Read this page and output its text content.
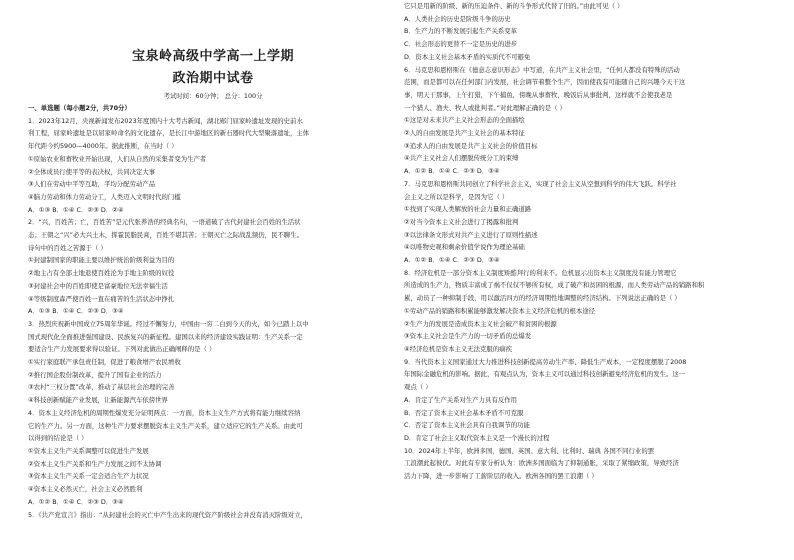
宝泉岭高级中学高一上学期
政治期中试卷
考试时间：60分钟； 总分：100分
一、单选题（每小题2分，共70分）
1．2023年12月，央视新闻发布2023年度国内十大考古新闻，湖北郧门屈家岭遗址发现的史前水
利工程，屈家岭遗址是以屈家岭命名的文化遗存，是长江中游地区的新石器时代大型聚落遗址，主体
年代距今约5900—4000年。据此推断，在当时（ ）
①原始农业和畜牧业开始出现，人们从自然的采集者变为生产者
②全体成员行使平等的表决权，共同决定大事
③人们在劳动中平等互助，平均分配劳动产品
④脑力劳动和体力劳动分工，人类迈入文明时代的门槛
A．①③ B．①④ C．②③ D．②④
2．“兴，百姓苦；亡，百姓苦”是元代张养浩的经典名句，一语道破了古代封建社会百姓的生活状
态；王朝之“兴”必大兴土木，挥霍民脂民膏，百姓不堪其苦；王朝灭亡之际战乱频仍，民不聊生。
诗句中的百姓之苦源于（ ）
①封建制国家的职能主要以维护统治阶级利益为目的
②地主占有全部土地退使百姓沦为手地主阶级的奴役
③封建社会中的百姓即使是富豪地位无法幸福生活
④等级制度森严使百姓一直在痛苦的生活状态中挣扎
A．①③ B．①④ C．②③ D．③④
3．热烈庆祝新中国成立75周年华诞。经过不懈努力，中国由一穷二白到今天的火，如今已踏上以中
国式现代化全面推进强国建设、民族复兴的新征程。建国以来的经济建设实践证明：生产关系一定
要适合生产力发展要求得以验证。下列对此做出正确阐释的是（ ）
①实行家庭联产承包责任制，促进了粮食增产农民增收
②推行国企股份制改革，提升了国有企业的活力
③农村“三权分置”改革，推动了基层社会治理的完善
④科技创新赋能产业发展，让新能源汽车依傍世界
4．资本主义经济危机的周期性爆发充分证明两点：一方面，资本主义生产方式将有能力继续容纳
它的生产力。另一方面，这种生产力要求摆脱资本主义生产关系，建立适应它的生产关系。由此可
以得到的结论是（ ）
①资本主义生产关系调整可以促进生产发展
②资本主义生产关系和生产力发展之间不太协调
③资本主义生产关系一定会适合生产力状况
④资本主义必然灭亡，社会主义必然胜利
A．①② B．①④ C．②③ D．③④
5．《共产党宣言》指出：“从封建社会的灭亡中产生出来的现代资产阶级社会并没有消灭阶级对立，
它只是用新的阶级、新的压迫条件、新的斗争形式代替了旧的。”由此可见（ ）
A．人类社会的历史是阶级斗争的历史
B．生产力的不断发展引起生产关系变革
C．社会形态的更替不一定是历史的进步
D．资本主义社会基本矛盾的实质代不可避免
6．马克思和恩格斯在《德意志意识形态》中写道，在共产主义社会里，“任何人都没有特殊的活动
范围，而是都可以在任何部门内发展，社会调节着整个生产，因而使我有可能随自己的兴趣今天干这
事，明天干那事，上午打猎，下午捕鱼，傍晚从事畜牧，晚饭后从事批判，这样就不会使我老是
一个猎人、渔夫、牧人或批判者。”对此理解正确的是（ ）
①这是对未来共产主义社会形态的全面描绘
②人的自由发展是共产主义社会的基本特征
③追求人的自由发展是共产主义社会的价值目标
④共产主义社会人们摆脱传统分工的束缚
A．①② B．①④ C．②③ D．③④
7．马克思和恩格斯共同创立了科学社会主义，实现了社会主义从空想到科学的伟大飞跃。科学社
会主义之所以是科学，是因为它（ ）
①找到了实现人类解放的社会力量和正确道路
②对当今资本主义社会进行了揭露和批判
③以法律条文形式对共产主义进行了原则性描述
④以唯物史观和剩余价值学说作为理论基础
A．①② B．①④ C．②③ D．③④
8．经济危机是一部分资本主义制度矫酷拜行的利来不。危机显示出资本主义制度没有能力管理它
所造成的生产力，物质丰富成了祸不仅仅不够所有权，成了破产和贫困的根源，而人类劳动产品的销路和积
累，动员了一种抑制手段，用以激活四方的经济周期性地调整的经济结构。下列说法正确的是（ ）
①劳动产品的销路和积累能够激发解决资本主义经济危机的根本途径
②生产力的发展是造成资本主义社会破产和贫困的根源
③资本主义社会是生产力的一切矛盾的总爆发
④经济危机是资本主义无法克服的痼疾
9．当代资本主义国家通过大力推进科技创新提高劳动生产率、降低生产成本，一定程度摆脱了2008
年国际金融危机的影响。据此，有观点认为，资本主义可以通过科技创新避免经济危机的发生。这一
观点（ ）
A．肯定了生产关系对生产力具有反作用
B．否定了资本主义社会基本矛盾不可克服
C．否定了资本主义社会具有自我调节的功能
D．肯定了社会主义取代资本主义是一个漫长的过程
10．2024年上半年，欧洲多国，德国、英国、意大利、比利时、瑞典 各国不同行业的罢
工浪潮此起彼伏。对此有专家分析认为：欧洲多国面临为了抑制通胀，采取了紧缩政策，导致经济
活力下降，进一步影响了工薪阶层的收入。欧洲各国的罢工浪潮（ ）
